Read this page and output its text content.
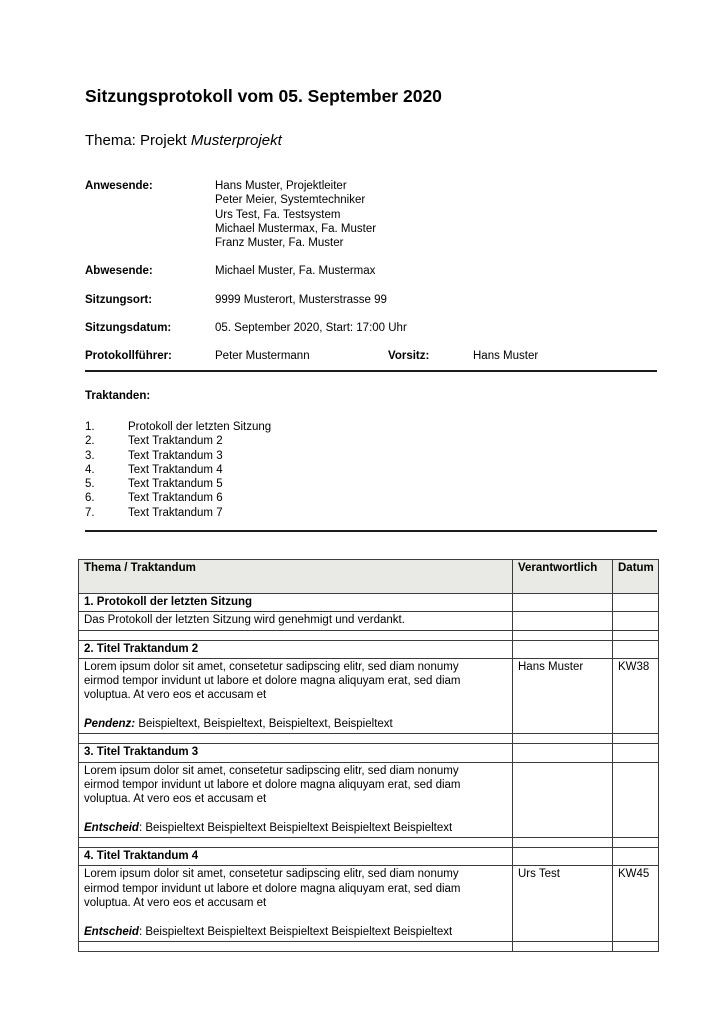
Sitzungsprotokoll vom 05. September 2020
Thema: Projekt Musterprojekt
Anwesende:	Hans Muster, Projektleiter
Peter Meier, Systemtechniker
Urs Test, Fa. Testsystem
Michael Mustermax, Fa. Muster
Franz Muster, Fa. Muster
Abwesende:	Michael Muster, Fa. Mustermax
Sitzungsort:	9999 Musterort, Musterstrasse 99
Sitzungsdatum:	05. September 2020, Start: 17:00 Uhr
Protokollführer:	Peter Mustermann	Vorsitz:	Hans Muster
Traktanden:
1.	Protokoll der letzten Sitzung
2.	Text Traktandum 2
3.	Text Traktandum 3
4.	Text Traktandum 4
5.	Text Traktandum 5
6.	Text Traktandum 6
7.	Text Traktandum 7
Thema / Traktandum	Verantwortlich	Datum
1. Protokoll der letzten Sitzung		

Das Protokoll der letzten Sitzung wird genehmigt und verdankt.		

2. Titel Traktandum 2		

Lorem ipsum dolor sit amet, consetetur sadipscing elitr, sed diam nonumy eirmod tempor invidunt ut labore et dolore magna aliquyam erat, sed diam voluptua. At vero eos et accusam et
Pendenz: Beispieltext, Beispieltext, Beispieltext, Beispieltext	Hans Muster	KW38

3. Titel Traktandum 3		

Lorem ipsum dolor sit amet, consetetur sadipscing elitr, sed diam nonumy eirmod tempor invidunt ut labore et dolore magna aliquyam erat, sed diam voluptua. At vero eos et accusam et
Entscheid: Beispieltext Beispieltext Beispieltext Beispieltext Beispieltext		

4. Titel Traktandum 4		

Lorem ipsum dolor sit amet, consetetur sadipscing elitr, sed diam nonumy eirmod tempor invidunt ut labore et dolore magna aliquyam erat, sed diam voluptua. At vero eos et accusam et
Entscheid: Beispieltext Beispieltext Beispieltext Beispieltext Beispieltext	Urs Test	KW45
